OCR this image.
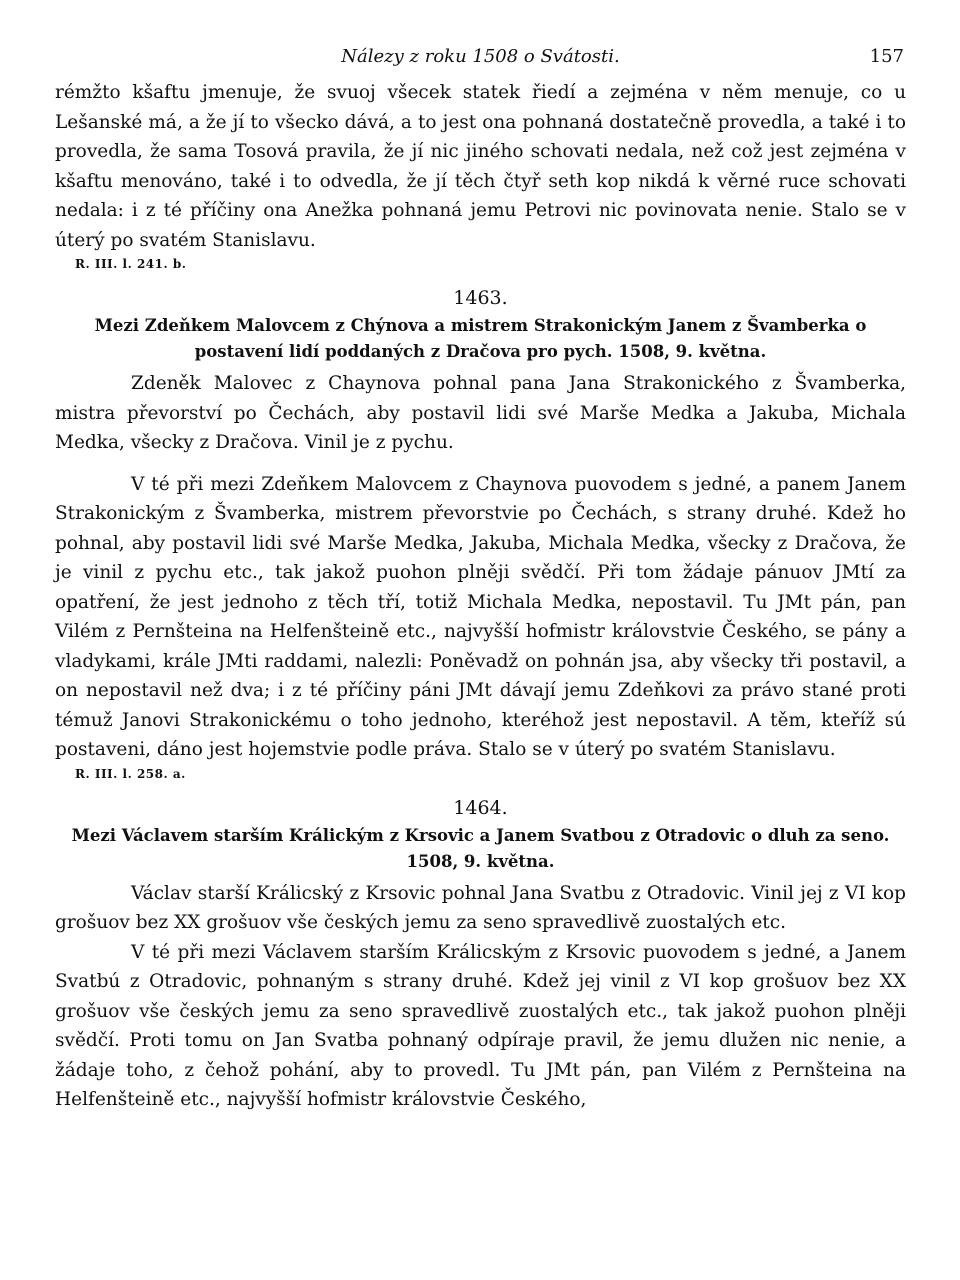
Nálezy z roku 1508 o Svátosti.	157

rémžto kšaftu jmenuje, že svuoj všecek statek řiedí a zejména v něm menuje, co u Lešanské má, a že jí to všecko dává, a to jest ona pohnaná dostatečně provedla, a také i to provedla, že sama Tosová pravila, že jí nic jiného schovati nedala, než což jest zejména v kšaftu menováno, také i to odvedla, že jí těch čtyř seth kop nikdá k věrné ruce schovati nedala: i z té příčiny ona Anežka pohnaná jemu Petrovi nic povinovata nenie. Stalo se v úterý po svatém Stanislavu.

R. III. l. 241. b.
1463.

Mezi Zdeňkem Malovcem z Chýnova a mistrem Strakonickým Janem z Švamberka o postavení lidí poddaných z Dračova pro pych. 1508, 9. května.

Zdeněk Malovec z Chaynova pohnal pana Jana Strakonického z Švamberka, mistra převorství po Čechách, aby postavil lidi své Marše Medka a Jakuba, Michala Medka, všecky z Dračova. Vinil je z pychu.

V té při mezi Zdeňkem Malovcem z Chaynova puovodem s jedné, a panem Janem Strakonickým z Švamberka, mistrem převorstvie po Čechách, s strany druhé. Kdež ho pohnal, aby postavil lidi své Marše Medka, Jakuba, Michala Medka, všecky z Dračova, že je vinil z pychu etc., tak jakož puohon plněji svědčí. Při tom žádaje pánuov JMtí za opatření, že jest jednoho z těch tří, totiž Michala Medka, nepostavil. Tu JMt pán, pan Vilém z Pernšteina na Helfenšteině etc., najvyšší hofmistr královstvie Českého, se pány a vladykami, krále JMti raddami, nalezli: Poněvadž on pohnán jsa, aby všecky tři postavil, a on nepostavil než dva; i z té příčiny páni JMt dávají jemu Zdeňkovi za právo stané proti témuž Janovi Strakonickému o toho jednoho, kteréhož jest nepostavil. A těm, kteříž sú postaveni, dáno jest hojemstvie podle práva. Stalo se v úterý po svatém Stanislavu.

R. III. l. 258. a.
1464.

Mezi Václavem starším Králickým z Krsovic a Janem Svatbou z Otradovic o dluh za seno. 1508, 9. května.

Václav starší Králicský z Krsovic pohnal Jana Svatbu z Otradovic. Vinil jej z VI kop grošuov bez XX grošuov vše českých jemu za seno spravedlivě zuostalých etc.

V té při mezi Václavem starším Králicským z Krsovic puovodem s jedné, a Janem Svatbú z Otradovic, pohnaným s strany druhé. Kdež jej vinil z VI kop grošuov bez XX grošuov vše českých jemu za seno spravedlivě zuostalých etc., tak jakož puohon plněji svědčí. Proti tomu on Jan Svatba pohnaný odpíraje pravil, že jemu dlužen nic nenie, a žádaje toho, z čehož pohání, aby to provedl. Tu JMt pán, pan Vilém z Pernšteina na Helfenšteině etc., najvyšší hofmistr královstvie Českého,
